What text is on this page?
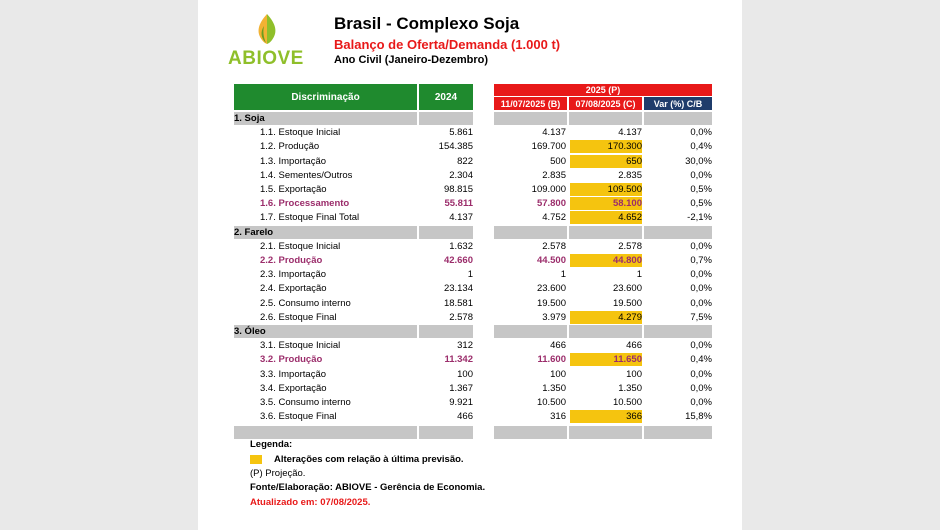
ABIOVE
Brasil - Complexo Soja
Balanço de Oferta/Demanda (1.000 t)
Ano Civil (Janeiro-Dezembro)
Discriminação	2024
2025 (P)
11/07/2025 (B)	07/08/2025 (C)	Var (%) C/B
Legenda:
Alterações com relação à última previsão.
(P) Projeção.
Fonte/Elaboração: ABIOVE - Gerência de Economia.
Atualizado em: 07/08/2025.
1. Soja
1.1. Estoque Inicial	5.861	4.137	4.137	0,0%
1.2. Produção	154.385	169.700	170.300	0,4%
1.3. Importação	822	500	650	30,0%
1.4. Sementes/Outros	2.304	2.835	2.835	0,0%
1.5. Exportação	98.815	109.000	109.500	0,5%
1.6. Processamento	55.811	57.800	58.100	0,5%
1.7. Estoque Final Total	4.137	4.752	4.652	-2,1%
2. Farelo
2.1. Estoque Inicial	1.632	2.578	2.578	0,0%
2.2. Produção	42.660	44.500	44.800	0,7%
2.3. Importação	1	1	1	0,0%
2.4. Exportação	23.134	23.600	23.600	0,0%
2.5. Consumo interno	18.581	19.500	19.500	0,0%
2.6. Estoque Final	2.578	3.979	4.279	7,5%
3. Óleo
3.1. Estoque Inicial	312	466	466	0,0%
3.2. Produção	11.342	11.600	11.650	0,4%
3.3. Importação	100	100	100	0,0%
3.4. Exportação	1.367	1.350	1.350	0,0%
3.5. Consumo interno	9.921	10.500	10.500	0,0%
3.6. Estoque Final	466	316	366	15,8%
